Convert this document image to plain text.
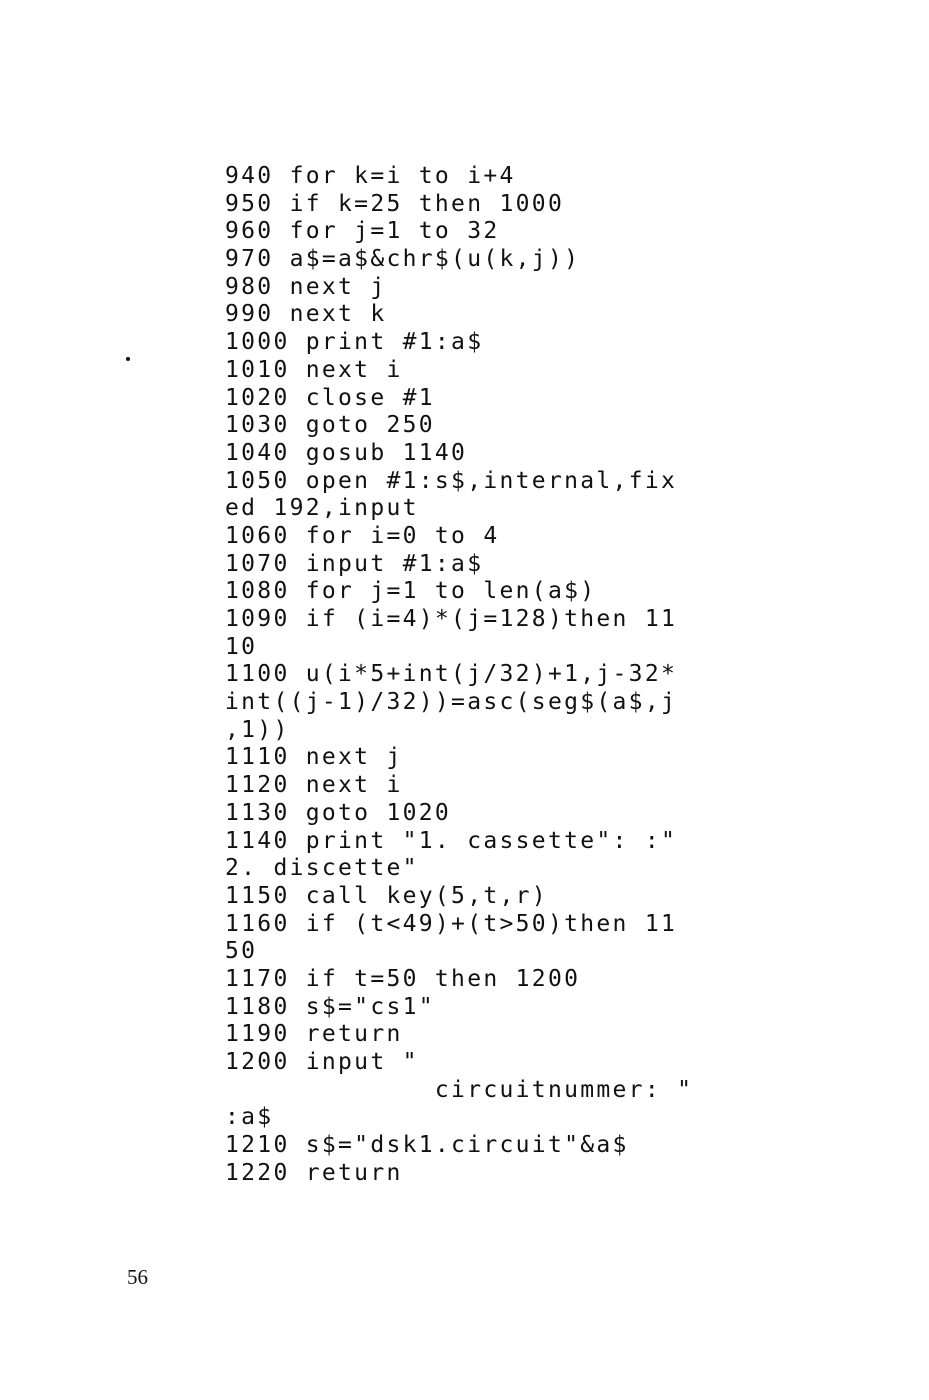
940 for k=i to i+4
950 if k=25 then 1000
960 for j=1 to 32
970 a$=a$&chr$(u(k,j))
980 next j
990 next k
1000 print #1:a$
1010 next i
1020 close #1
1030 goto 250
1040 gosub 1140
1050 open #1:s$,internal,fix
ed 192,input
1060 for i=0 to 4
1070 input #1:a$
1080 for j=1 to len(a$)
1090 if (i=4)*(j=128)then 11
10
1100 u(i*5+int(j/32)+1,j-32*
int((j-1)/32))=asc(seg$(a$,j
,1))
1110 next j
1120 next i
1130 goto 1020
1140 print "1. cassette": :"
2. discette"
1150 call key(5,t,r)
1160 if (t<49)+(t>50)then 11
50
1170 if t=50 then 1200
1180 s$="cs1"
1190 return
1200 input "
circuitnummer: "
:a$
1210 s$="dsk1.circuit"&a$
1220 return
56
